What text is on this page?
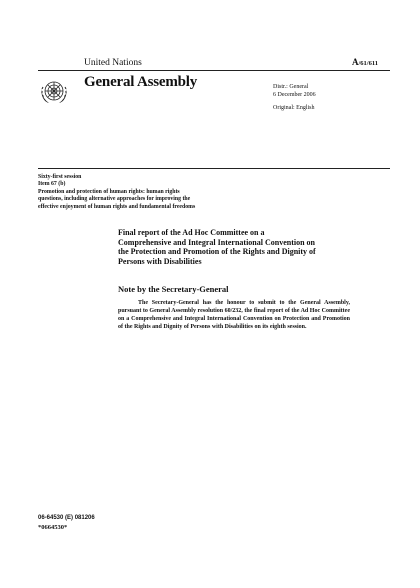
United Nations	A/61/611
General Assembly	Distr.: General
6 December 2006
Original: English
Sixty-first session
Item 67 (b)
Promotion and protection of human rights: human rights
questions, including alternative approaches for improving the
effective enjoyment of human rights and fundamental freedoms
Final report of the Ad Hoc Committee on a Comprehensive and Integral International Convention on the Protection and Promotion of the Rights and Dignity of Persons with Disabilities
Note by the Secretary-General
The Secretary-General has the honour to submit to the General Assembly, pursuant to General Assembly resolution 60/232, the final report of the Ad Hoc Committee on a Comprehensive and Integral International Convention on Protection and Promotion of the Rights and Dignity of Persons with Disabilities on its eighth session.
06-64530 (E) 081206
*0664530*
